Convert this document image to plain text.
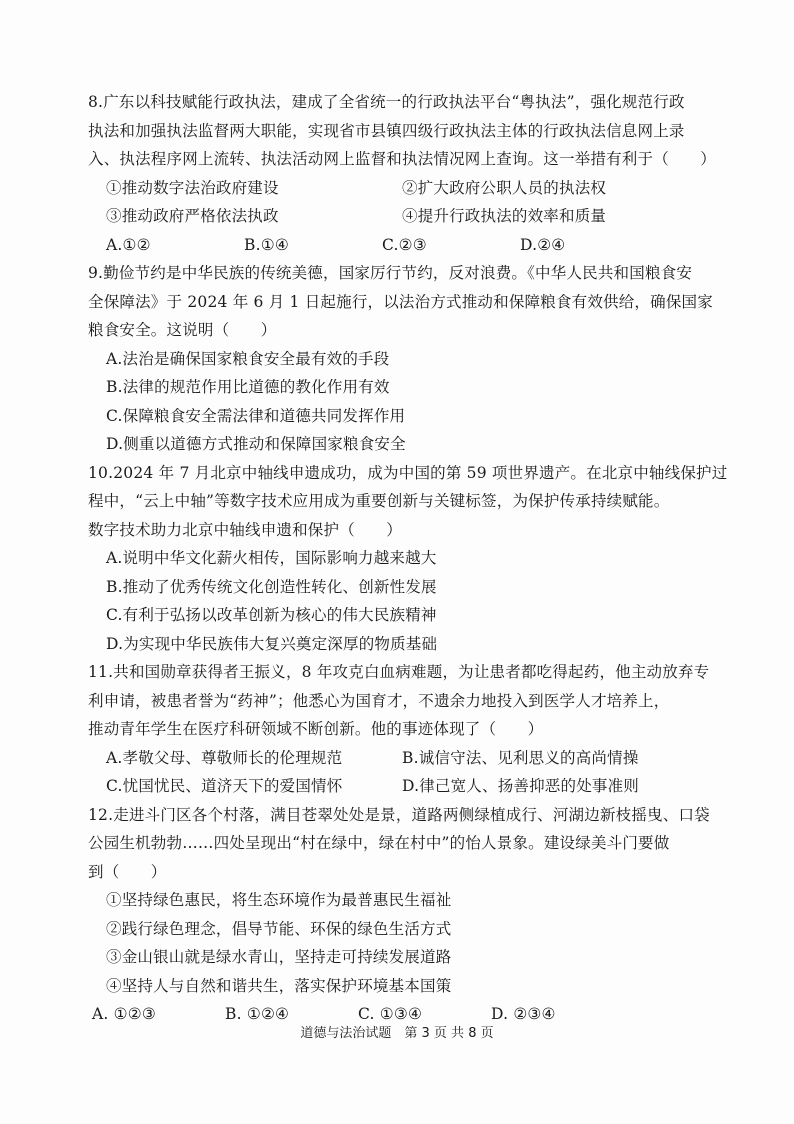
8.广东以科技赋能行政执法，建成了全省统一的行政执法平台“粤执法”，强化规范行政
执法和加强执法监督两大职能，实现省市县镇四级行政执法主体的行政执法信息网上录
入、执法程序网上流转、执法活动网上监督和执法情况网上查询。这一举措有利于（　　）
①推动数字法治政府建设	②扩大政府公职人员的执法权
③推动政府严格依法执政	④提升行政执法的效率和质量
A.①②	B.①④	C.②③	D.②④
9.勤俭节约是中华民族的传统美德，国家厉行节约，反对浪费。《中华人民共和国粮食安
全保障法》于 2024 年 6 月 1 日起施行，以法治方式推动和保障粮食有效供给，确保国家
粮食安全。这说明（　　）
A.法治是确保国家粮食安全最有效的手段
B.法律的规范作用比道德的教化作用有效
C.保障粮食安全需法律和道德共同发挥作用
D.侧重以道德方式推动和保障国家粮食安全
10.2024 年 7 月北京中轴线申遗成功，成为中国的第 59 项世界遗产。在北京中轴线保护过
程中，“云上中轴”等数字技术应用成为重要创新与关键标签，为保护传承持续赋能。
数字技术助力北京中轴线申遗和保护（　　）
A.说明中华文化薪火相传，国际影响力越来越大
B.推动了优秀传统文化创造性转化、创新性发展
C.有利于弘扬以改革创新为核心的伟大民族精神
D.为实现中华民族伟大复兴奠定深厚的物质基础
11.共和国勋章获得者王振义，8 年攻克白血病难题，为让患者都吃得起药，他主动放弃专
利申请，被患者誉为“药神”；他悉心为国育才，不遗余力地投入到医学人才培养上，
推动青年学生在医疗科研领域不断创新。他的事迹体现了（　　）
A.孝敬父母、尊敬师长的伦理规范	B.诚信守法、见利思义的高尚情操
C.忧国忧民、道济天下的爱国情怀	D.律己宽人、扬善抑恶的处事准则
12.走进斗门区各个村落，满目苍翠处处是景，道路两侧绿植成行、河湖边新枝摇曳、口袋
公园生机勃勃……四处呈现出“村在绿中，绿在村中”的怡人景象。建设绿美斗门要做
到（　　）
①坚持绿色惠民，将生态环境作为最普惠民生福祉
②践行绿色理念，倡导节能、环保的绿色生活方式
③金山银山就是绿水青山，坚持走可持续发展道路
④坚持人与自然和谐共生，落实保护环境基本国策
A. ①②③	B. ①②④	C. ①③④	D. ②③④
道德与法治试题　第 3 页 共 8 页
